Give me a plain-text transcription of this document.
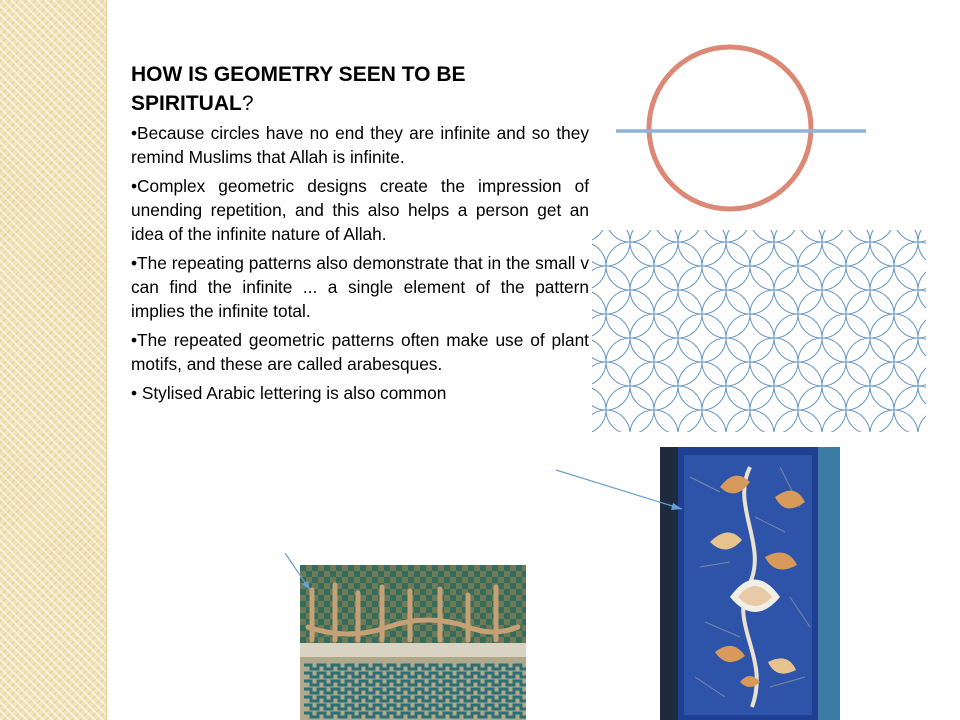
HOW IS GEOMETRY SEEN TO BE SPIRITUAL?

•Because circles have no end they are infinite and so they remind Muslims that Allah is infinite.

•Complex geometric designs create the impression of unending repetition, and this also helps a person get an idea of the infinite nature of Allah.

•The repeating patterns also demonstrate that in the small v can find the infinite ... a single element of the pattern implies the infinite total.

•The repeated geometric patterns often make use of plant motifs, and these are called arabesques.

• Stylised Arabic lettering is also common
